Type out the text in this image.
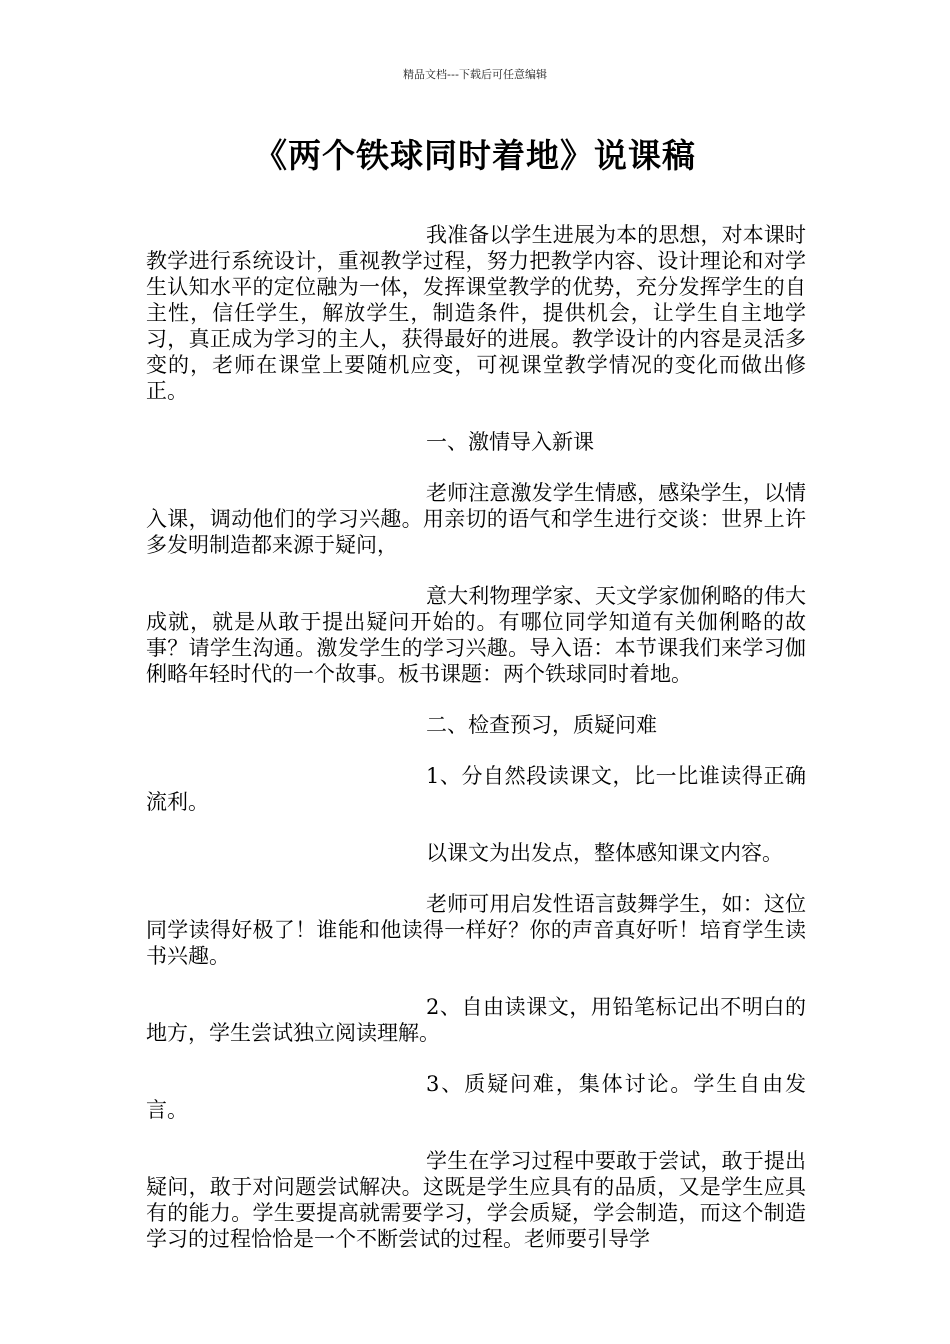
精品文档---下载后可任意编辑
《两个铁球同时着地》说课稿

我准备以学生进展为本的思想，对本课时教学进行系统设计，重视教学过程，努力把教学内容、设计理论和对学生认知水平的定位融为一体，发挥课堂教学的优势，充分发挥学生的自主性，信任学生，解放学生，制造条件，提供机会，让学生自主地学习，真正成为学习的主人，获得最好的进展。教学设计的内容是灵活多变的，老师在课堂上要随机应变，可视课堂教学情况的变化而做出修正。

一、激情导入新课

老师注意激发学生情感，感染学生，以情入课，调动他们的学习兴趣。用亲切的语气和学生进行交谈：世界上许多发明制造都来源于疑问，

意大利物理学家、天文学家伽俐略的伟大成就，就是从敢于提出疑问开始的。有哪位同学知道有关伽俐略的故事？请学生沟通。激发学生的学习兴趣。导入语：本节课我们来学习伽俐略年轻时代的一个故事。板书课题：两个铁球同时着地。

二、检查预习，质疑问难

1、分自然段读课文，比一比谁读得正确流利。

以课文为出发点，整体感知课文内容。

老师可用启发性语言鼓舞学生，如：这位同学读得好极了！谁能和他读得一样好？你的声音真好听！培育学生读书兴趣。

2、自由读课文，用铅笔标记出不明白的地方，学生尝试独立阅读理解。

3、质疑问难，集体讨论。学生自由发言。

学生在学习过程中要敢于尝试，敢于提出疑问，敢于对问题尝试解决。这既是学生应具有的品质，又是学生应具有的能力。学生要提高就需要学习，学会质疑，学会制造，而这个制造学习的过程恰恰是一个不断尝试的过程。老师要引导学
